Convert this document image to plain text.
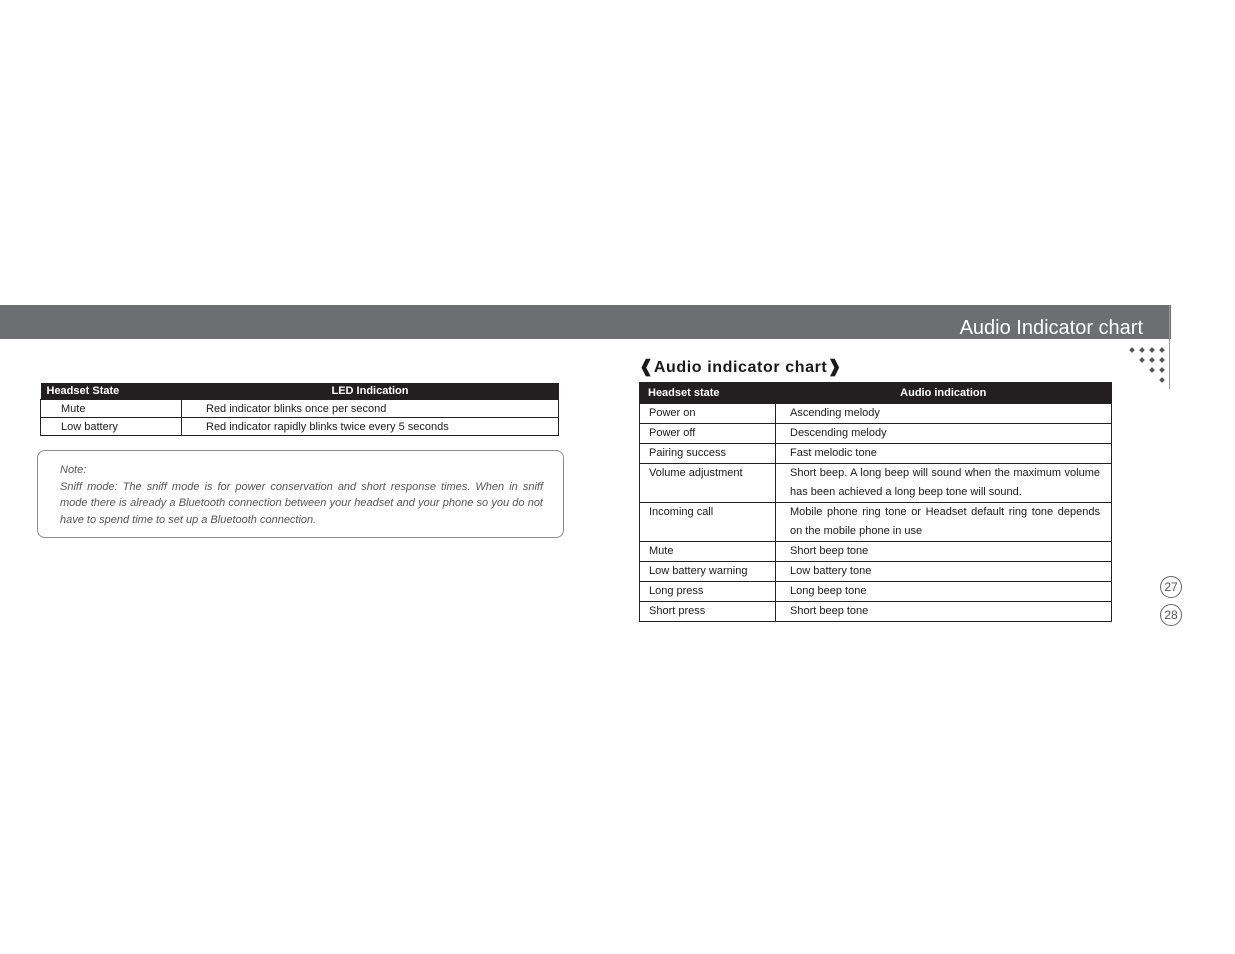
Audio Indicator chart
Headset State	LED Indication
Mute	Red indicator blinks once per second
Low battery	Red indicator rapidly blinks twice every 5 seconds
Note:
Sniff mode: The sniff mode is for power conservation and short response times. When in sniff mode there is already a Bluetooth connection between your headset and your phone so you do not have to spend time to set up a Bluetooth connection.
❰Audio indicator chart❱
Headset state	Audio indication
Power on	Ascending melody
Power off	Descending melody
Pairing success	Fast melodic tone
Volume adjustment	Short beep. A long beep will sound when the maximum volume has been achieved a long beep tone will sound.
Incoming call	Mobile phone ring tone or Headset default ring tone depends on the mobile phone in use
Mute	Short beep tone
Low battery warning	Low battery tone
Long press	Long beep tone
Short press	Short beep tone
27
28
